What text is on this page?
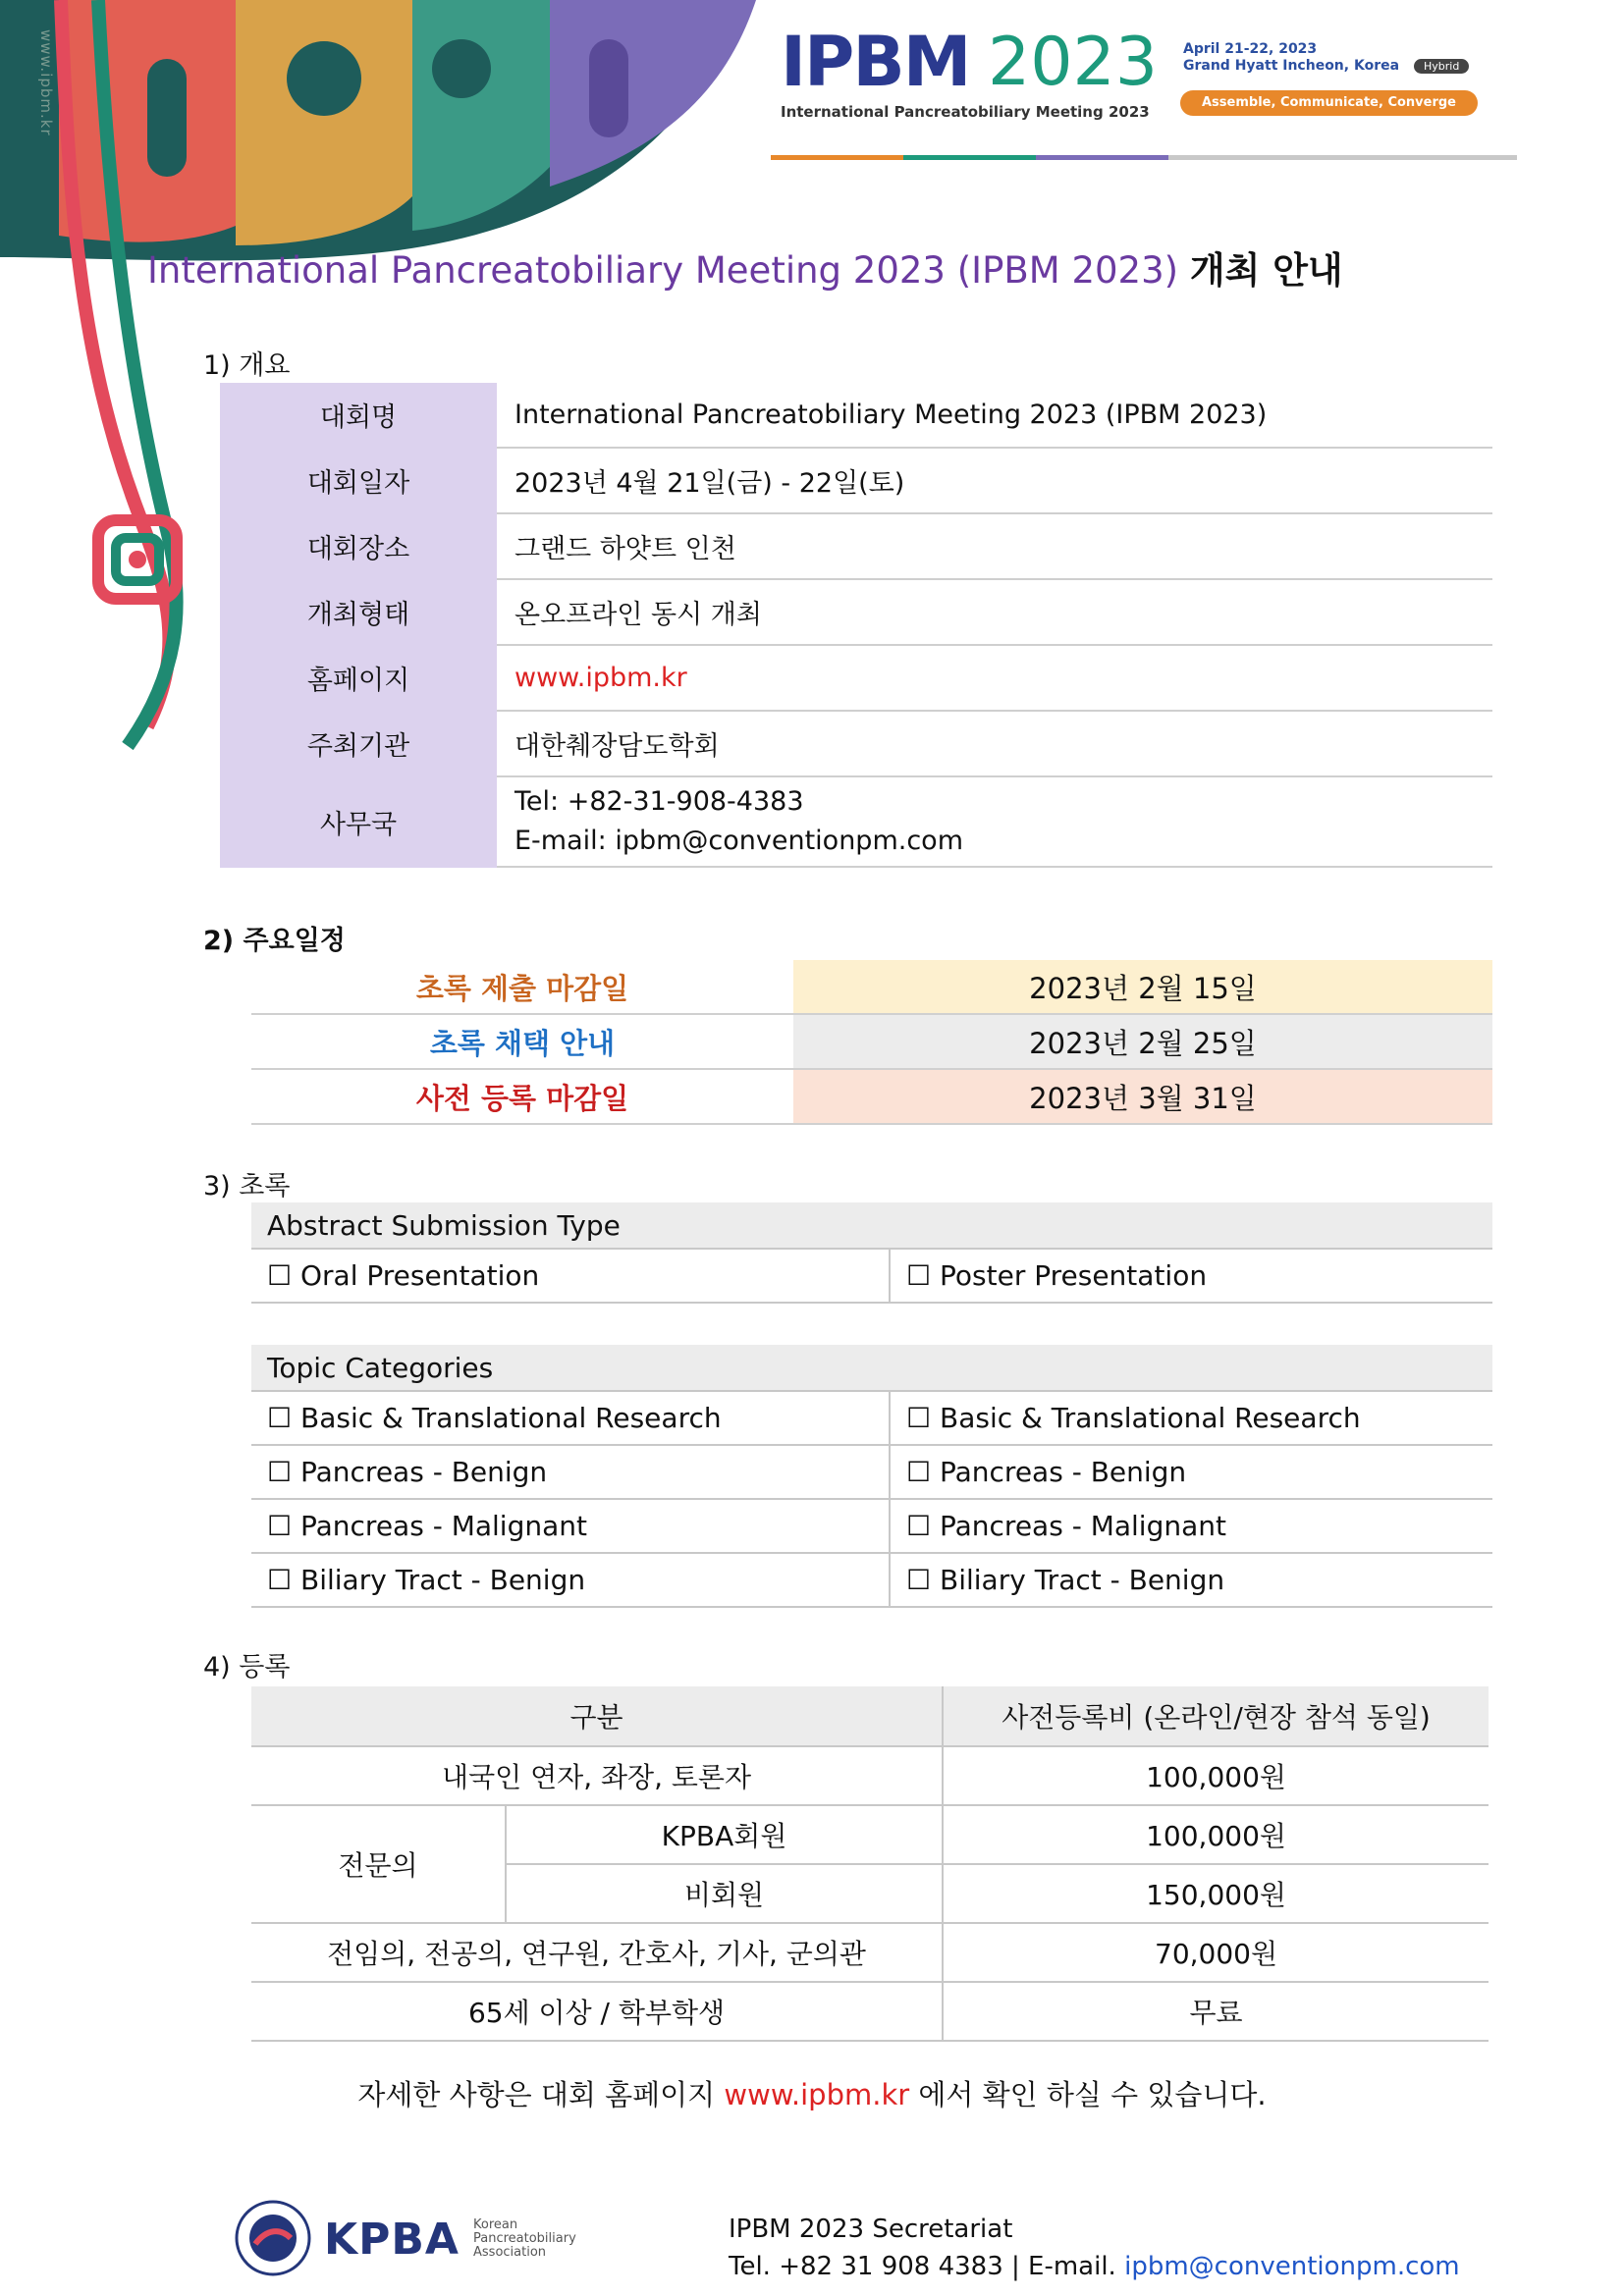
www.ipbm.kr	IPBM 2023
International Pancreatobiliary Meeting 2023
April 21-22, 2023
Grand Hyatt Incheon, Korea	Hybrid
Assemble, Communicate, Converge
International Pancreatobiliary Meeting 2023 (IPBM 2023) 개최 안내
1) 개요
대회명	International Pancreatobiliary Meeting 2023 (IPBM 2023)
대회일자	2023년 4월 21일(금) - 22일(토)
대회장소	그랜드 하얏트 인천
개최형태	온오프라인 동시 개최
홈페이지	www.ipbm.kr
주최기관	대한췌장담도학회
사무국	Tel: +82-31-908-4383
E-mail: ipbm@conventionpm.com
2) 주요일정
초록 제출 마감일	2023년 2월 15일
초록 채택 안내	2023년 2월 25일
사전 등록 마감일	2023년 3월 31일
3) 초록
Abstract Submission Type
☐ Oral Presentation	☐ Poster Presentation
Topic Categories	
☐ Basic & Translational Research	☐ Basic & Translational Research
☐ Pancreas - Benign	☐ Pancreas - Benign
☐ Pancreas - Malignant	☐ Pancreas - Malignant
☐ Biliary Tract - Benign	☐ Biliary Tract - Benign
4) 등록
구분		사전등록비 (온라인/현장 참석 동일)
내국인 연자, 좌장, 토론자		100,000원
전문의	KPBA회원	100,000원
	비회원	150,000원
전임의, 전공의, 연구원, 간호사, 기사, 군의관		70,000원
65세 이상 / 학부학생		무료
자세한 사항은 대회 홈페이지 www.ipbm.kr 에서 확인 하실 수 있습니다.
KPBA Korean
Pancreatobiliary
Association
IPBM 2023 Secretariat
Tel. +82 31 908 4383 | E-mail. ipbm@conventionpm.com
